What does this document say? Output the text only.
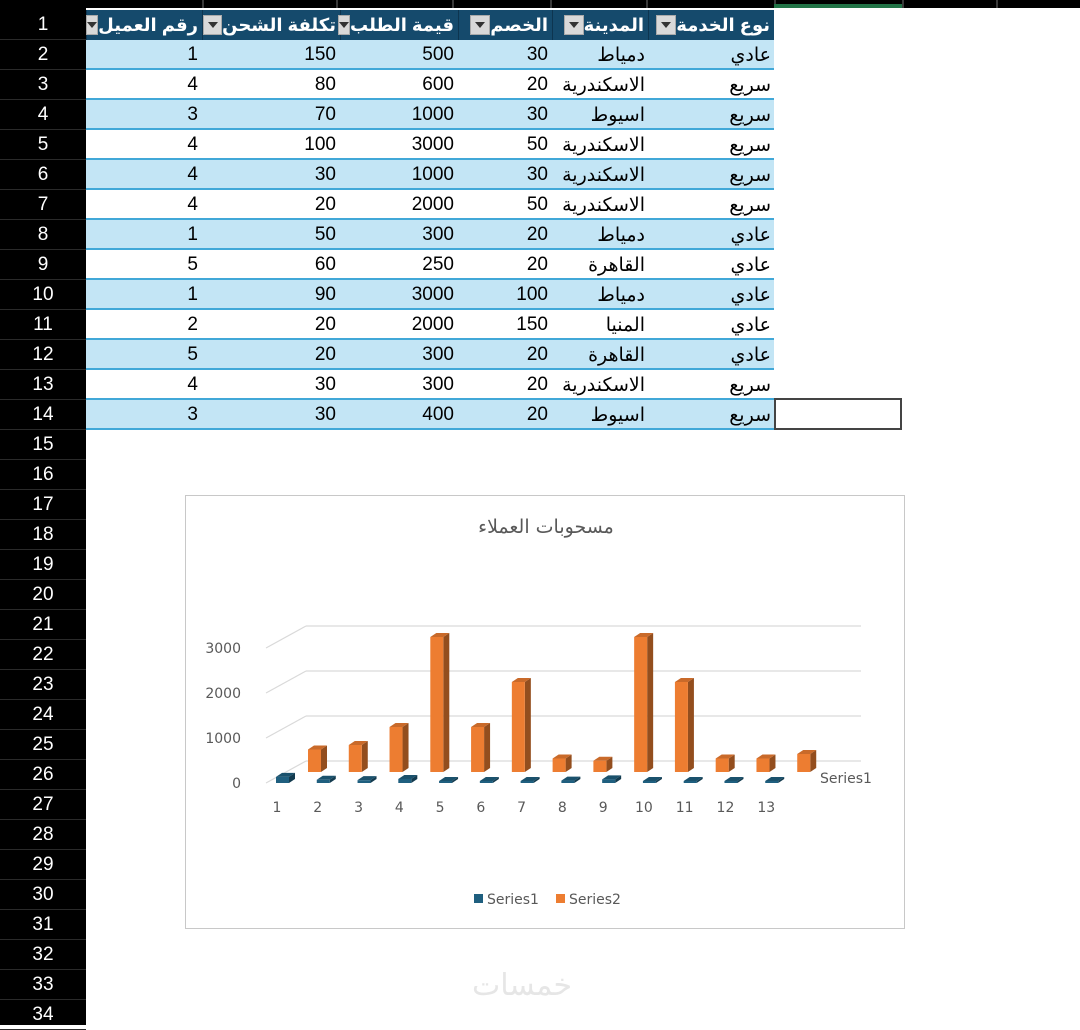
1
2
3
4
5
6
7
8
9
10
11
12
13
14
15
16
17
18
19
20
21
22
23
24
25
26
27
28
29
30
31
32
33
34
نوع الخدمة
المدينة
الخصم
قيمة الطلب
تكلفة الشحن
رقم العميل
عادي
دمياط
30
500
150
1
سريع
الاسكندرية
20
600
80
4
سريع
اسيوط
30
1000
70
3
سريع
الاسكندرية
50
3000
100
4
سريع
الاسكندرية
30
1000
30
4
سريع
الاسكندرية
50
2000
20
4
عادي
دمياط
20
300
50
1
عادي
القاهرة
20
250
60
5
عادي
دمياط
100
3000
90
1
عادي
المنيا
150
2000
20
2
عادي
القاهرة
20
300
20
5
سريع
الاسكندرية
20
300
30
4
سريع
اسيوط
20
400
30
3
مسحوبات العملاء
0
1000
2000
3000
1 2 3 4 5 6 7 8 9 10 11 12 13
Series1
Series1 Series2
خمسات
